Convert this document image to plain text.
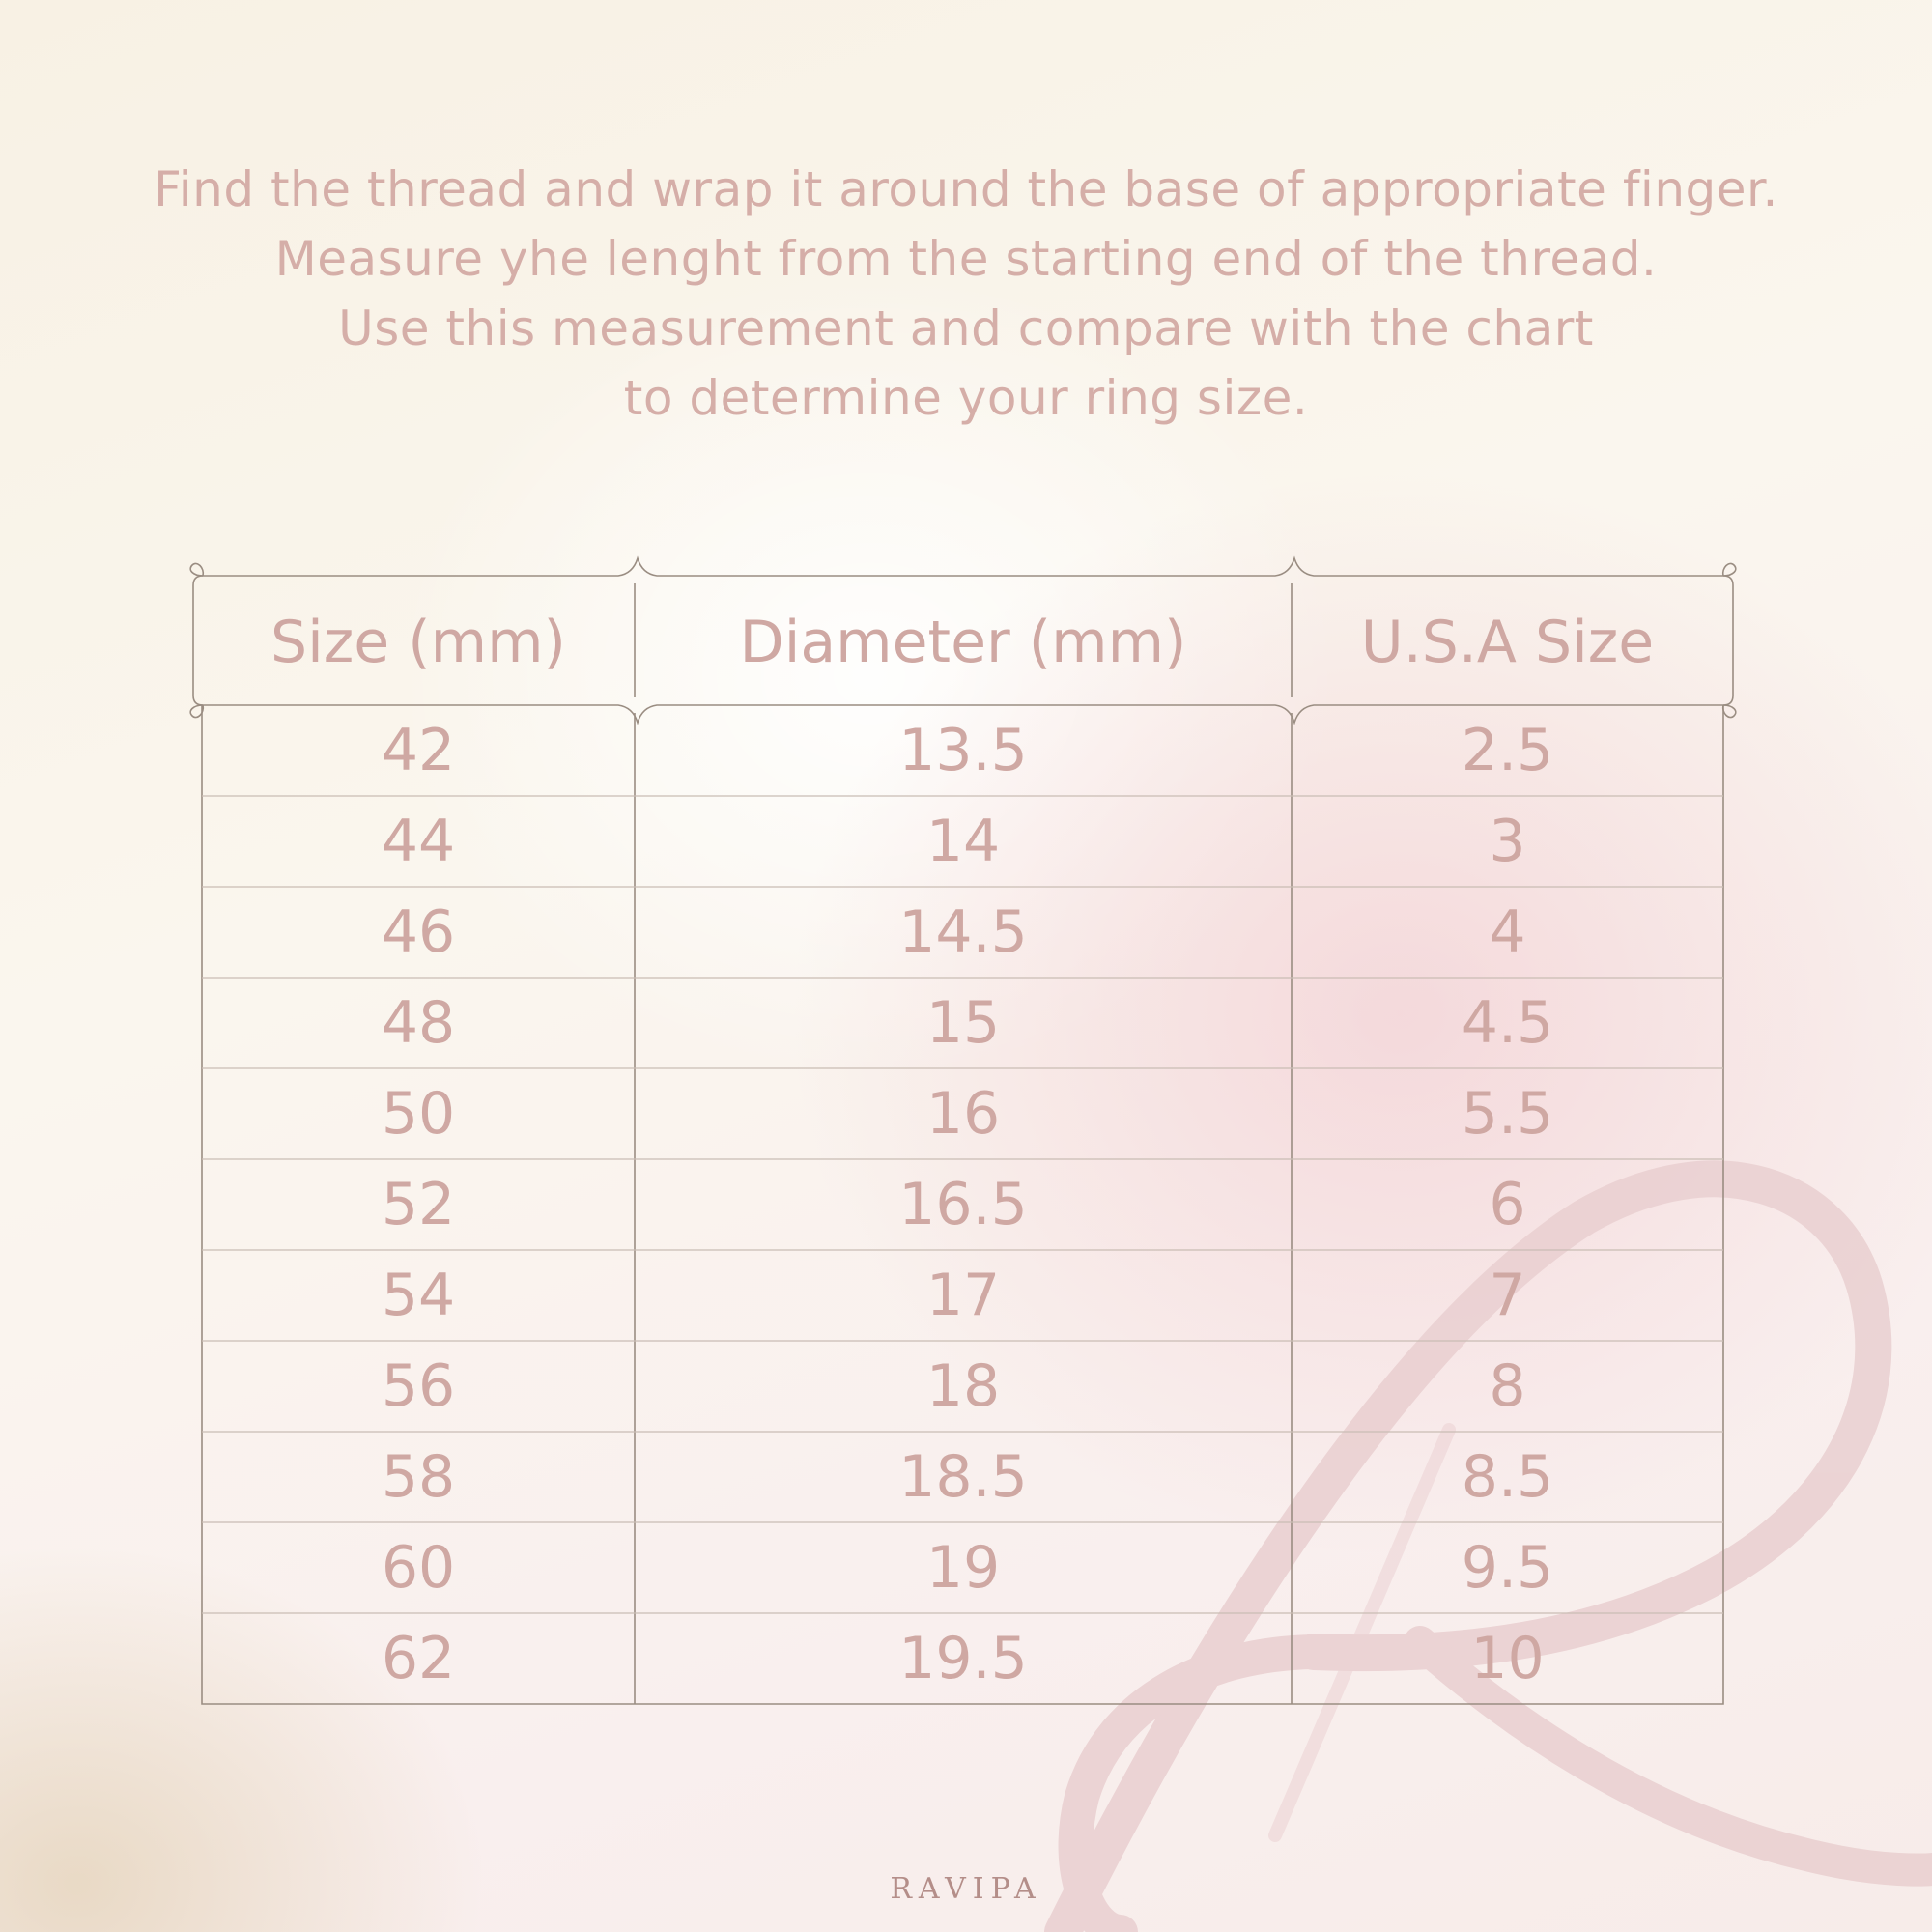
Find the thread and wrap it around the base of appropriate finger.
Measure yhe lenght from the starting end of the thread.
Use this measurement and compare with the chart
to determine your ring size.
Size (mm)	Diameter (mm)	U.S.A Size
42	13.5	2.5
44	14	3
46	14.5	4
48	15	4.5
50	16	5.5
52	16.5	6
54	17	7
56	18	8
58	18.5	8.5
60	19	9.5
62	19.5	10
RAVIPA
